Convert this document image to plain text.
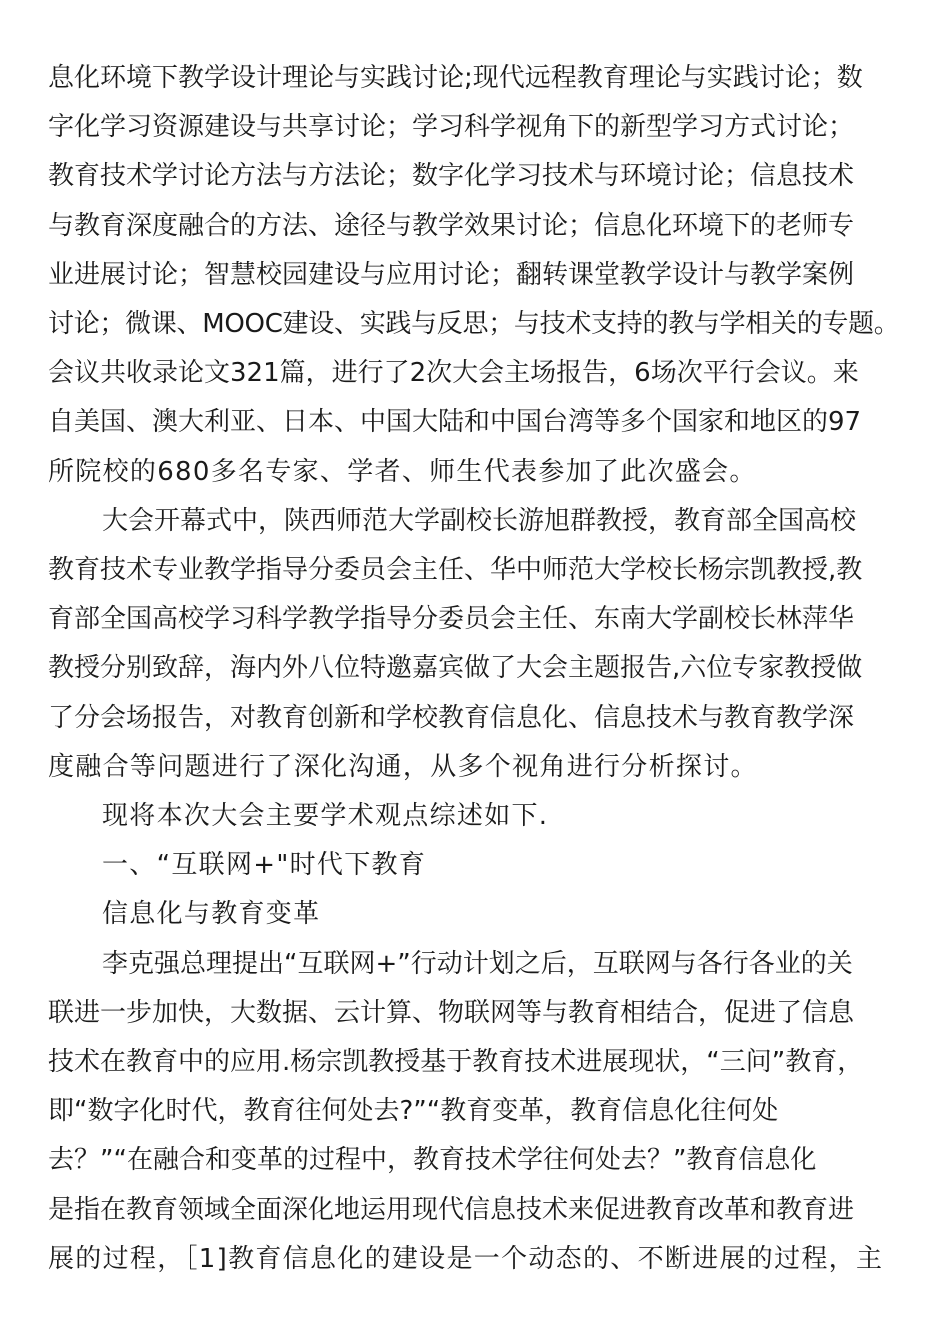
息化环境下教学设计理论与实践讨论;现代远程教育理论与实践讨论；数
字化学习资源建设与共享讨论；学习科学视角下的新型学习方式讨论；
教育技术学讨论方法与方法论；数字化学习技术与环境讨论；信息技术
与教育深度融合的方法、途径与教学效果讨论；信息化环境下的老师专
业进展讨论；智慧校园建设与应用讨论；翻转课堂教学设计与教学案例
讨论；微课、MOOC建设、实践与反思；与技术支持的教与学相关的专题。
会议共收录论文321篇，进行了2次大会主场报告，6场次平行会议。来
自美国、澳大利亚、日本、中国大陆和中国台湾等多个国家和地区的97
所院校的680多名专家、学者、师生代表参加了此次盛会。
大会开幕式中，陕西师范大学副校长游旭群教授，教育部全国高校
教育技术专业教学指导分委员会主任、华中师范大学校长杨宗凯教授,教
育部全国高校学习科学教学指导分委员会主任、东南大学副校长林萍华
教授分别致辞，海内外八位特邀嘉宾做了大会主题报告,六位专家教授做
了分会场报告，对教育创新和学校教育信息化、信息技术与教育教学深
度融合等问题进行了深化沟通，从多个视角进行分析探讨。
现将本次大会主要学术观点综述如下.
一、“互联网+"时代下教育
信息化与教育变革
李克强总理提出“互联网+”行动计划之后，互联网与各行各业的关
联进一步加快，大数据、云计算、物联网等与教育相结合，促进了信息
技术在教育中的应用.杨宗凯教授基于教育技术进展现状，“三问”教育，
即“数字化时代，教育往何处去?”“教育变革，教育信息化往何处
去？”“在融合和变革的过程中，教育技术学往何处去？”教育信息化
是指在教育领域全面深化地运用现代信息技术来促进教育改革和教育进
展的过程，［1]教育信息化的建设是一个动态的、不断进展的过程，主
